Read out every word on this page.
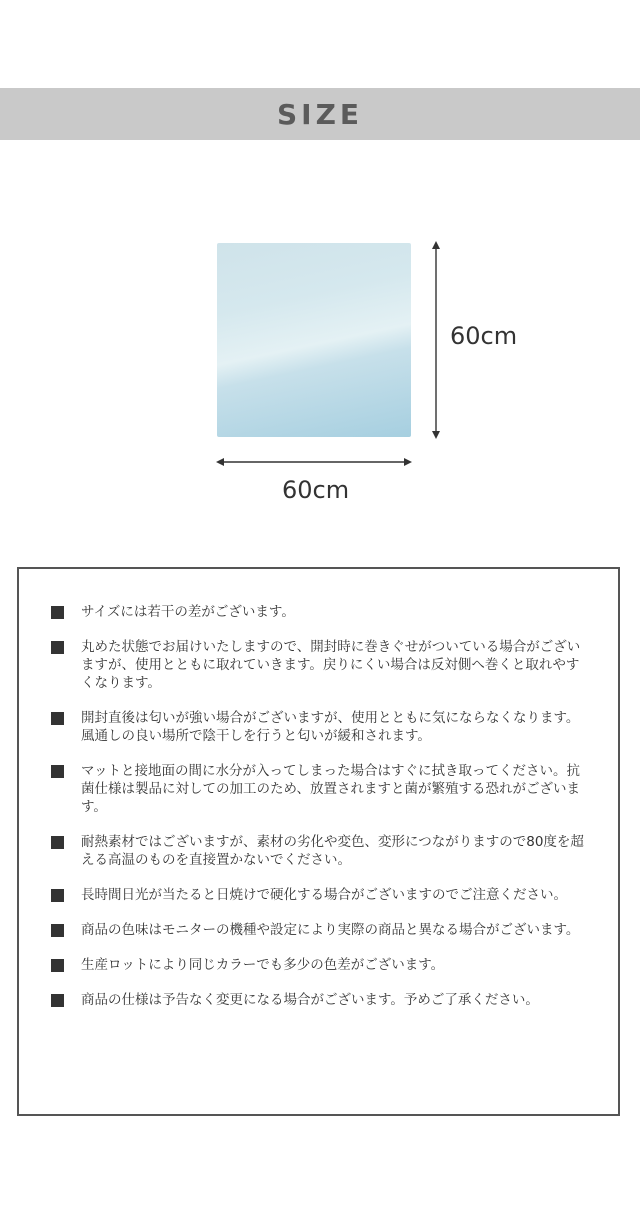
SIZE
60cm
60cm
サイズには若干の差がございます。
丸めた状態でお届けいたしますので、開封時に巻きぐせがついている場合がございますが、使用とともに取れていきます。戻りにくい場合は反対側へ巻くと取れやすくなります。
開封直後は匂いが強い場合がございますが、使用とともに気にならなくなります。風通しの良い場所で陰干しを行うと匂いが緩和されます。
マットと接地面の間に水分が入ってしまった場合はすぐに拭き取ってください。抗菌仕様は製品に対しての加工のため、放置されますと菌が繁殖する恐れがございます。
耐熱素材ではございますが、素材の劣化や変色、変形につながりますので80度を超える高温のものを直接置かないでください。
長時間日光が当たると日焼けで硬化する場合がございますのでご注意ください。
商品の色味はモニターの機種や設定により実際の商品と異なる場合がございます。
生産ロットにより同じカラーでも多少の色差がございます。
商品の仕様は予告なく変更になる場合がございます。予めご了承ください。
